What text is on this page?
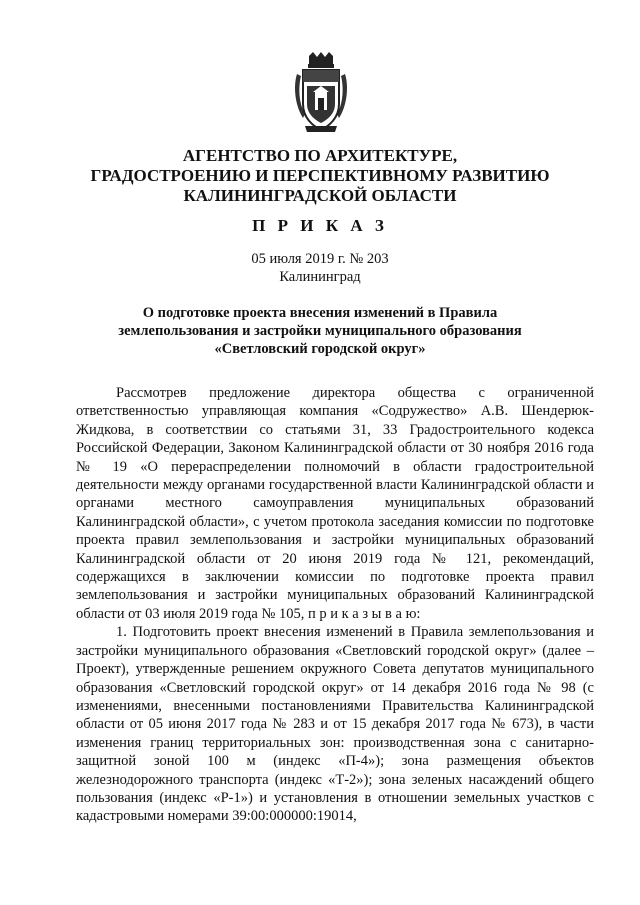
АГЕНТСТВО ПО АРХИТЕКТУРЕ,
ГРАДОСТРОЕНИЮ И ПЕРСПЕКТИВНОМУ РАЗВИТИЮ
КАЛИНИНГРАДСКОЙ ОБЛАСТИ
П Р И К А З
05 июля 2019 г. № 203
Калининград
О подготовке проекта внесения изменений в Правила
землепользования и застройки муниципального образования
«Светловский городской округ»

Рассмотрев предложение директора общества с ограниченной ответственностью управляющая компания «Содружество» А.В. Шендерюк-Жидкова, в соответствии со статьями 31, 33 Градостроительного кодекса Российской Федерации, Законом Калининградской области от 30 ноября 2016 года № 19 «О перераспределении полномочий в области градостроительной деятельности между органами государственной власти Калининградской области и органами местного самоуправления муниципальных образований Калининградской области», с учетом протокола заседания комиссии по подготовке проекта правил землепользования и застройки муниципальных образований Калининградской области от 20 июня 2019 года № 121, рекомендаций, содержащихся в заключении комиссии по подготовке проекта правил землепользования и застройки муниципальных образований Калининградской области от 03 июля 2019 года № 105, п р и к а з ы в а ю:

1. Подготовить проект внесения изменений в Правила землепользования и застройки муниципального образования «Светловский городской округ» (далее – Проект), утвержденные решением окружного Совета депутатов муниципального образования «Светловский городской округ» от 14 декабря 2016 года № 98 (с изменениями, внесенными постановлениями Правительства Калининградской области от 05 июня 2017 года № 283 и от 15 декабря 2017 года № 673), в части изменения границ территориальных зон: производственная зона с санитарно-защитной зоной 100 м (индекс «П-4»); зона размещения объектов железнодорожного транспорта (индекс «Т-2»); зона зеленых насаждений общего пользования (индекс «Р-1») и установления в отношении земельных участков с кадастровыми номерами 39:00:000000:19014,
